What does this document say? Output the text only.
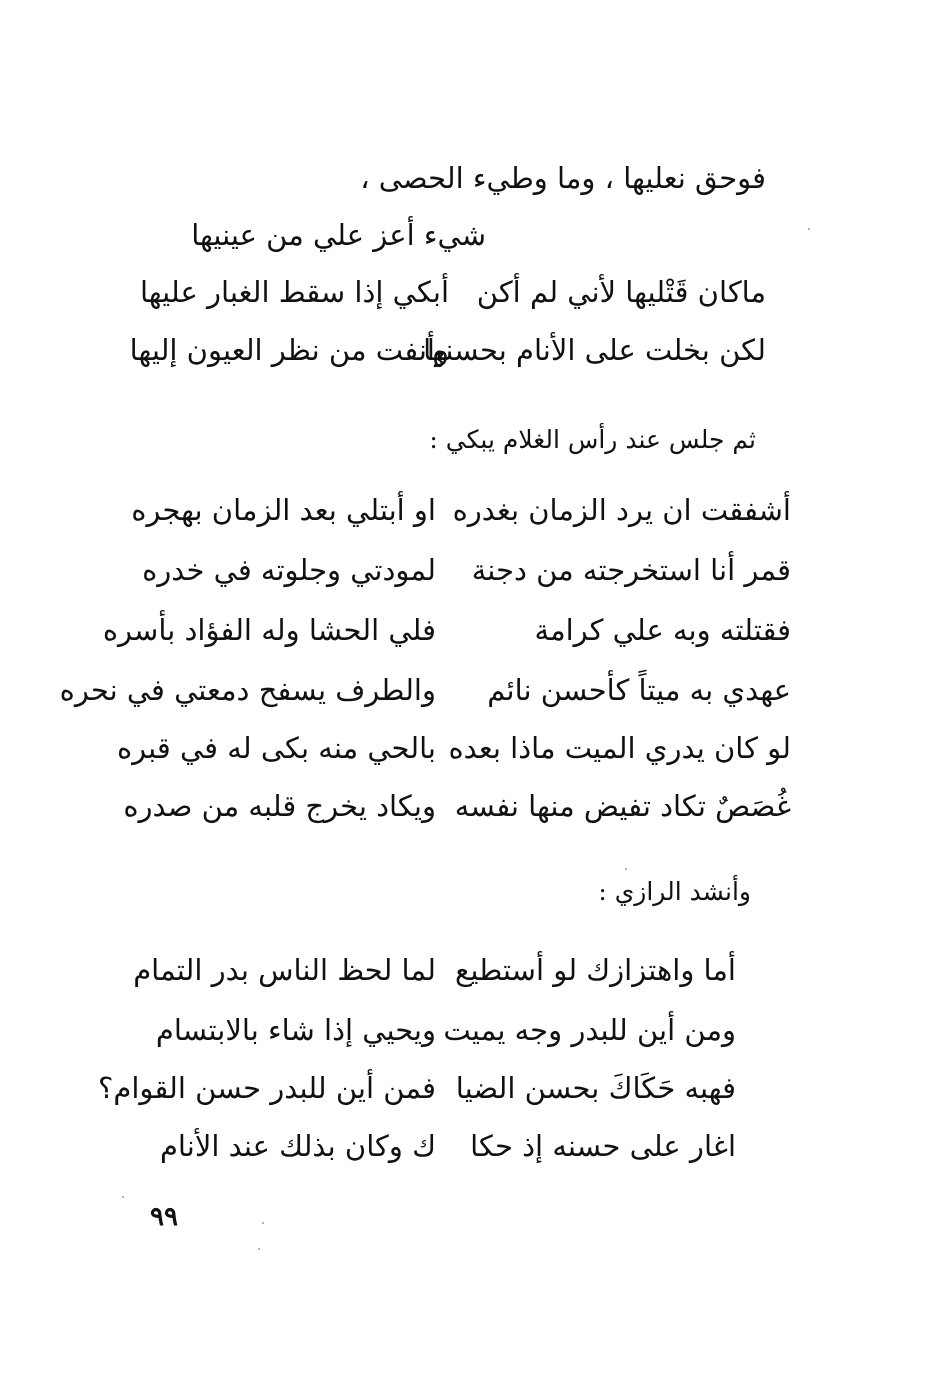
فوحق نعليها ، وما وطيء الحصى ،
شيء أعز علي من عينيها
ماكان قَتْليها لأني لم أكن
أبكي إذا سقط الغبار عليها
لكن بخلت على الأنام بحسنها
وأنفت من نظر العيون إليها
ثم جلس عند رأس الغلام يبكي :
أشفقت ان يرد الزمان بغدره
او أبتلي بعد الزمان بهجره
قمر أنا استخرجته من دجنة
لمودتي وجلوته في خدره
فقتلته وبه علي كرامة
فلي الحشا وله الفؤاد بأسره
عهدي به ميتاً كأحسن نائم
والطرف يسفح دمعتي في نحره
لو كان يدري الميت ماذا بعده
بالحي منه بكى له في قبره
غُصَصٌ تكاد تفيض منها نفسه
ويكاد يخرج قلبه من صدره
وأنشد الرازي :
أما واهتزازك لو أستطيع
لما لحظ الناس بدر التمام
ومن أين للبدر وجه يميت
ويحيي إذا شاء بالابتسام
فهبه حَكَاكَ بحسن الضيا
فمن أين للبدر حسن القوام؟
اغار على حسنه إذ حكا
ك وكان بذلك عند الأنام
٩٩
